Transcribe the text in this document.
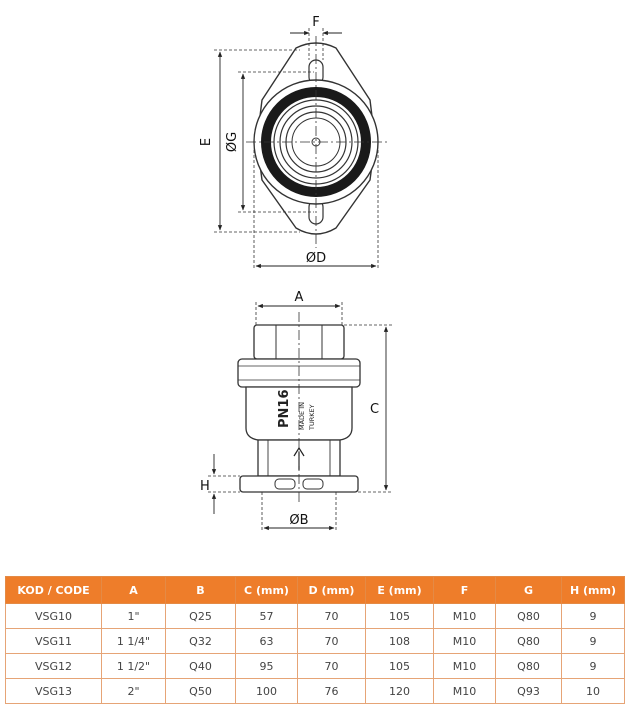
F
E ØG
ØD
PN16 MADE IN TURKEY
A
C
H
ØB
KOD / CODE	A	B	C (mm)	D (mm)	E (mm)	F	G	H (mm)
VSG10	1"	Q25	57	70	105	M10	Q80	9
VSG11	1 1/4"	Q32	63	70	108	M10	Q80	9
VSG12	1 1/2"	Q40	95	70	105	M10	Q80	9
VSG13	2"	Q50	100	76	120	M10	Q93	10
